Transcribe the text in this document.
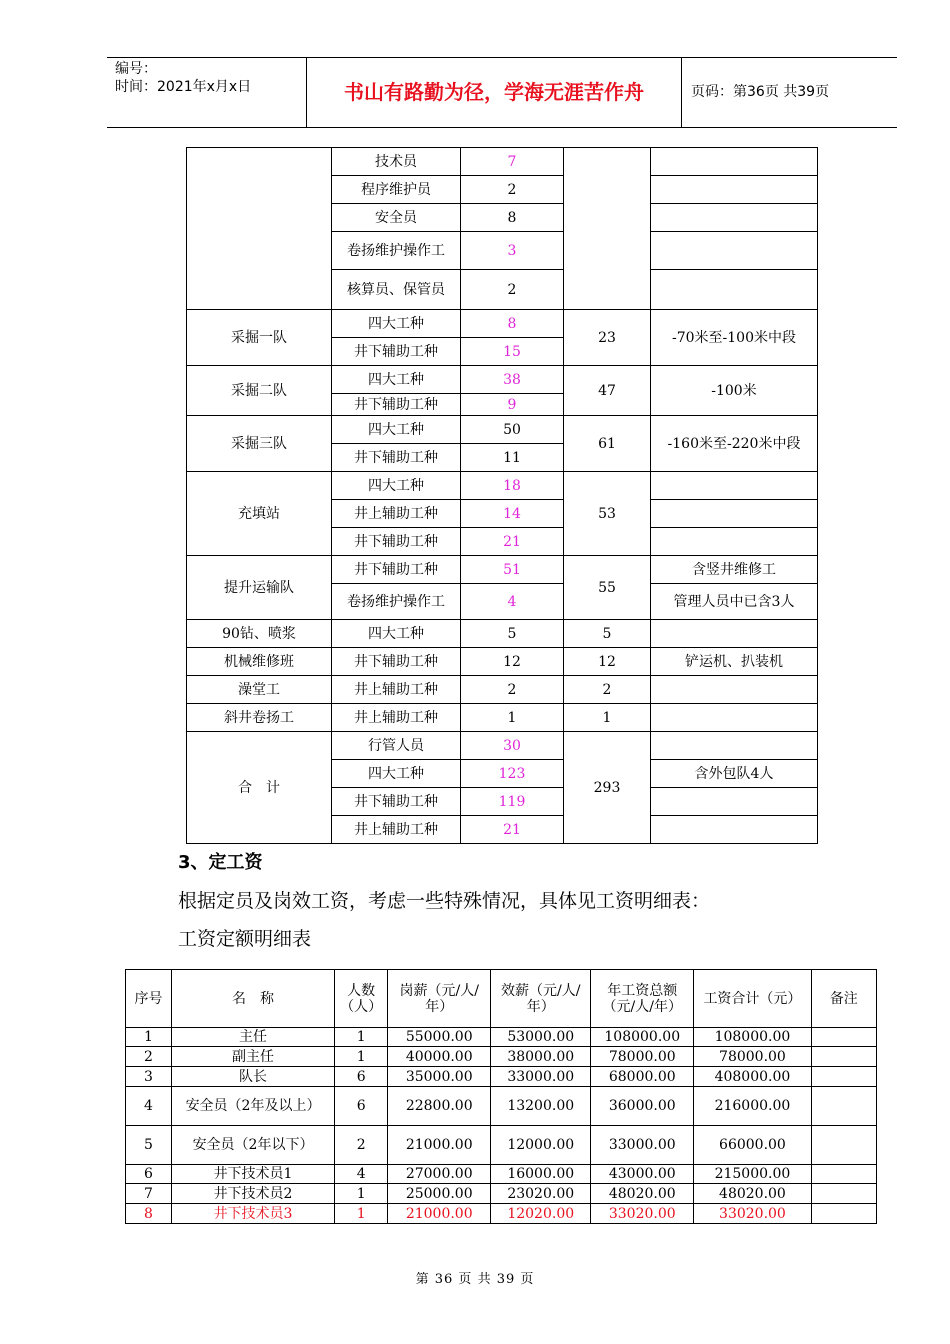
编号：
时间：2021年x月x日	书山有路勤为径，学海无涯苦作舟	页码：第36页 共39页
	技术员	7		
	程序维护员	2		
	安全员	8		
	卷扬维护操作工	3		
	核算员、保管员	2		
采掘一队	四大工种	8	23	-70米至-100米中段
	井下辅助工种	15		
采掘二队	四大工种	38	47	-100米
	井下辅助工种	9		
采掘三队	四大工种	50	61	-160米至-220米中段
	井下辅助工种	11		
充填站	四大工种	18	53	
	井上辅助工种	14		
	井下辅助工种	21		
提升运输队	井下辅助工种	51	55	含竖井维修工
	卷扬维护操作工	4		管理人员中已含3人
90钻、喷浆	四大工种	5	5	
机械维修班	井下辅助工种	12	12	铲运机、扒装机
澡堂工	井上辅助工种	2	2	
斜井卷扬工	井上辅助工种	1	1	
合　计	行管人员	30	293	
	四大工种	123		含外包队4人
	井下辅助工种	119		
	井上辅助工种	21		
3、定工资
根据定员及岗效工资，考虑一些特殊情况，具体见工资明细表：
工资定额明细表
序号	名　称	人数（人）	岗薪（元/人/年）	效薪（元/人/年）	年工资总额（元/人/年）	工资合计（元）	备注
1	主任	1	55000.00	53000.00	108000.00	108000.00	
2	副主任	1	40000.00	38000.00	78000.00	78000.00	
3	队长	6	35000.00	33000.00	68000.00	408000.00	
4	安全员（2年及以上）	6	22800.00	13200.00	36000.00	216000.00	
5	安全员（2年以下）	2	21000.00	12000.00	33000.00	66000.00	
6	井下技术员1	4	27000.00	16000.00	43000.00	215000.00	
7	井下技术员2	1	25000.00	23020.00	48020.00	48020.00	
8	井下技术员3	1	21000.00	12020.00	33020.00	33020.00	
第 36 页 共 39 页
